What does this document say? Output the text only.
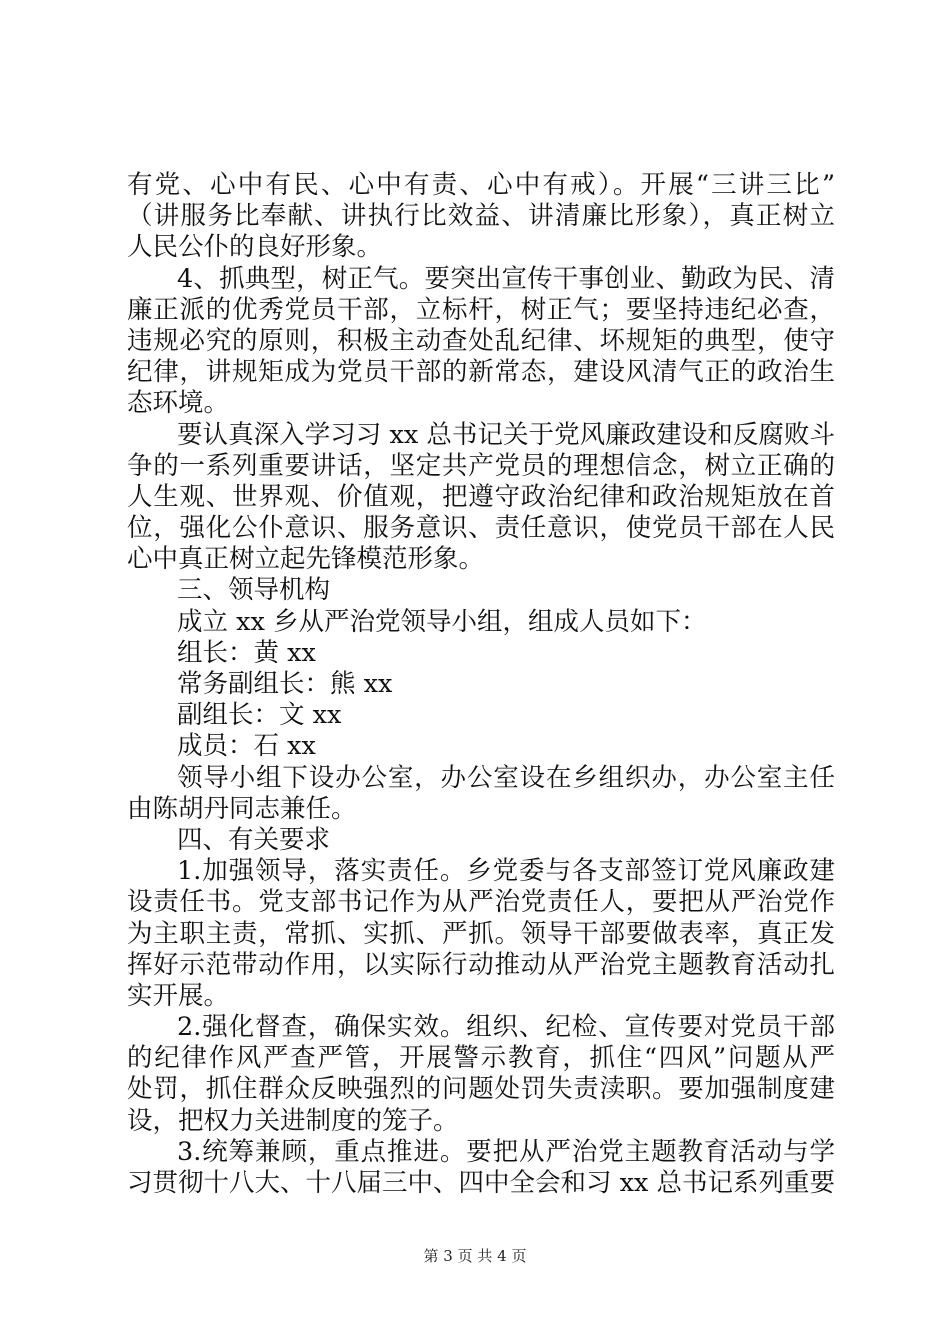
有党、心中有民、心中有责、心中有戒）。开展“三讲三比”
（讲服务比奉献、讲执行比效益、讲清廉比形象），真正树立
人民公仆的良好形象。
4、抓典型，树正气。要突出宣传干事创业、勤政为民、清
廉正派的优秀党员干部，立标杆，树正气；要坚持违纪必查，
违规必究的原则，积极主动查处乱纪律、坏规矩的典型，使守
纪律，讲规矩成为党员干部的新常态，建设风清气正的政治生
态环境。
要认真深入学习习 xx 总书记关于党风廉政建设和反腐败斗
争的一系列重要讲话，坚定共产党员的理想信念，树立正确的
人生观、世界观、价值观，把遵守政治纪律和政治规矩放在首
位，强化公仆意识、服务意识、责任意识，使党员干部在人民
心中真正树立起先锋模范形象。
三、领导机构
成立 xx 乡从严治党领导小组，组成人员如下：
组长：黄 xx
常务副组长：熊 xx
副组长：文 xx
成员：石 xx
领导小组下设办公室，办公室设在乡组织办，办公室主任
由陈胡丹同志兼任。
四、有关要求
1.加强领导，落实责任。乡党委与各支部签订党风廉政建
设责任书。党支部书记作为从严治党责任人，要把从严治党作
为主职主责，常抓、实抓、严抓。领导干部要做表率，真正发
挥好示范带动作用，以实际行动推动从严治党主题教育活动扎
实开展。
2.强化督查，确保实效。组织、纪检、宣传要对党员干部
的纪律作风严查严管，开展警示教育，抓住“四风”问题从严
处罚，抓住群众反映强烈的问题处罚失责渎职。要加强制度建
设，把权力关进制度的笼子。
3.统筹兼顾，重点推进。要把从严治党主题教育活动与学
习贯彻十八大、十八届三中、四中全会和习 xx 总书记系列重要
第 3 页 共 4 页
